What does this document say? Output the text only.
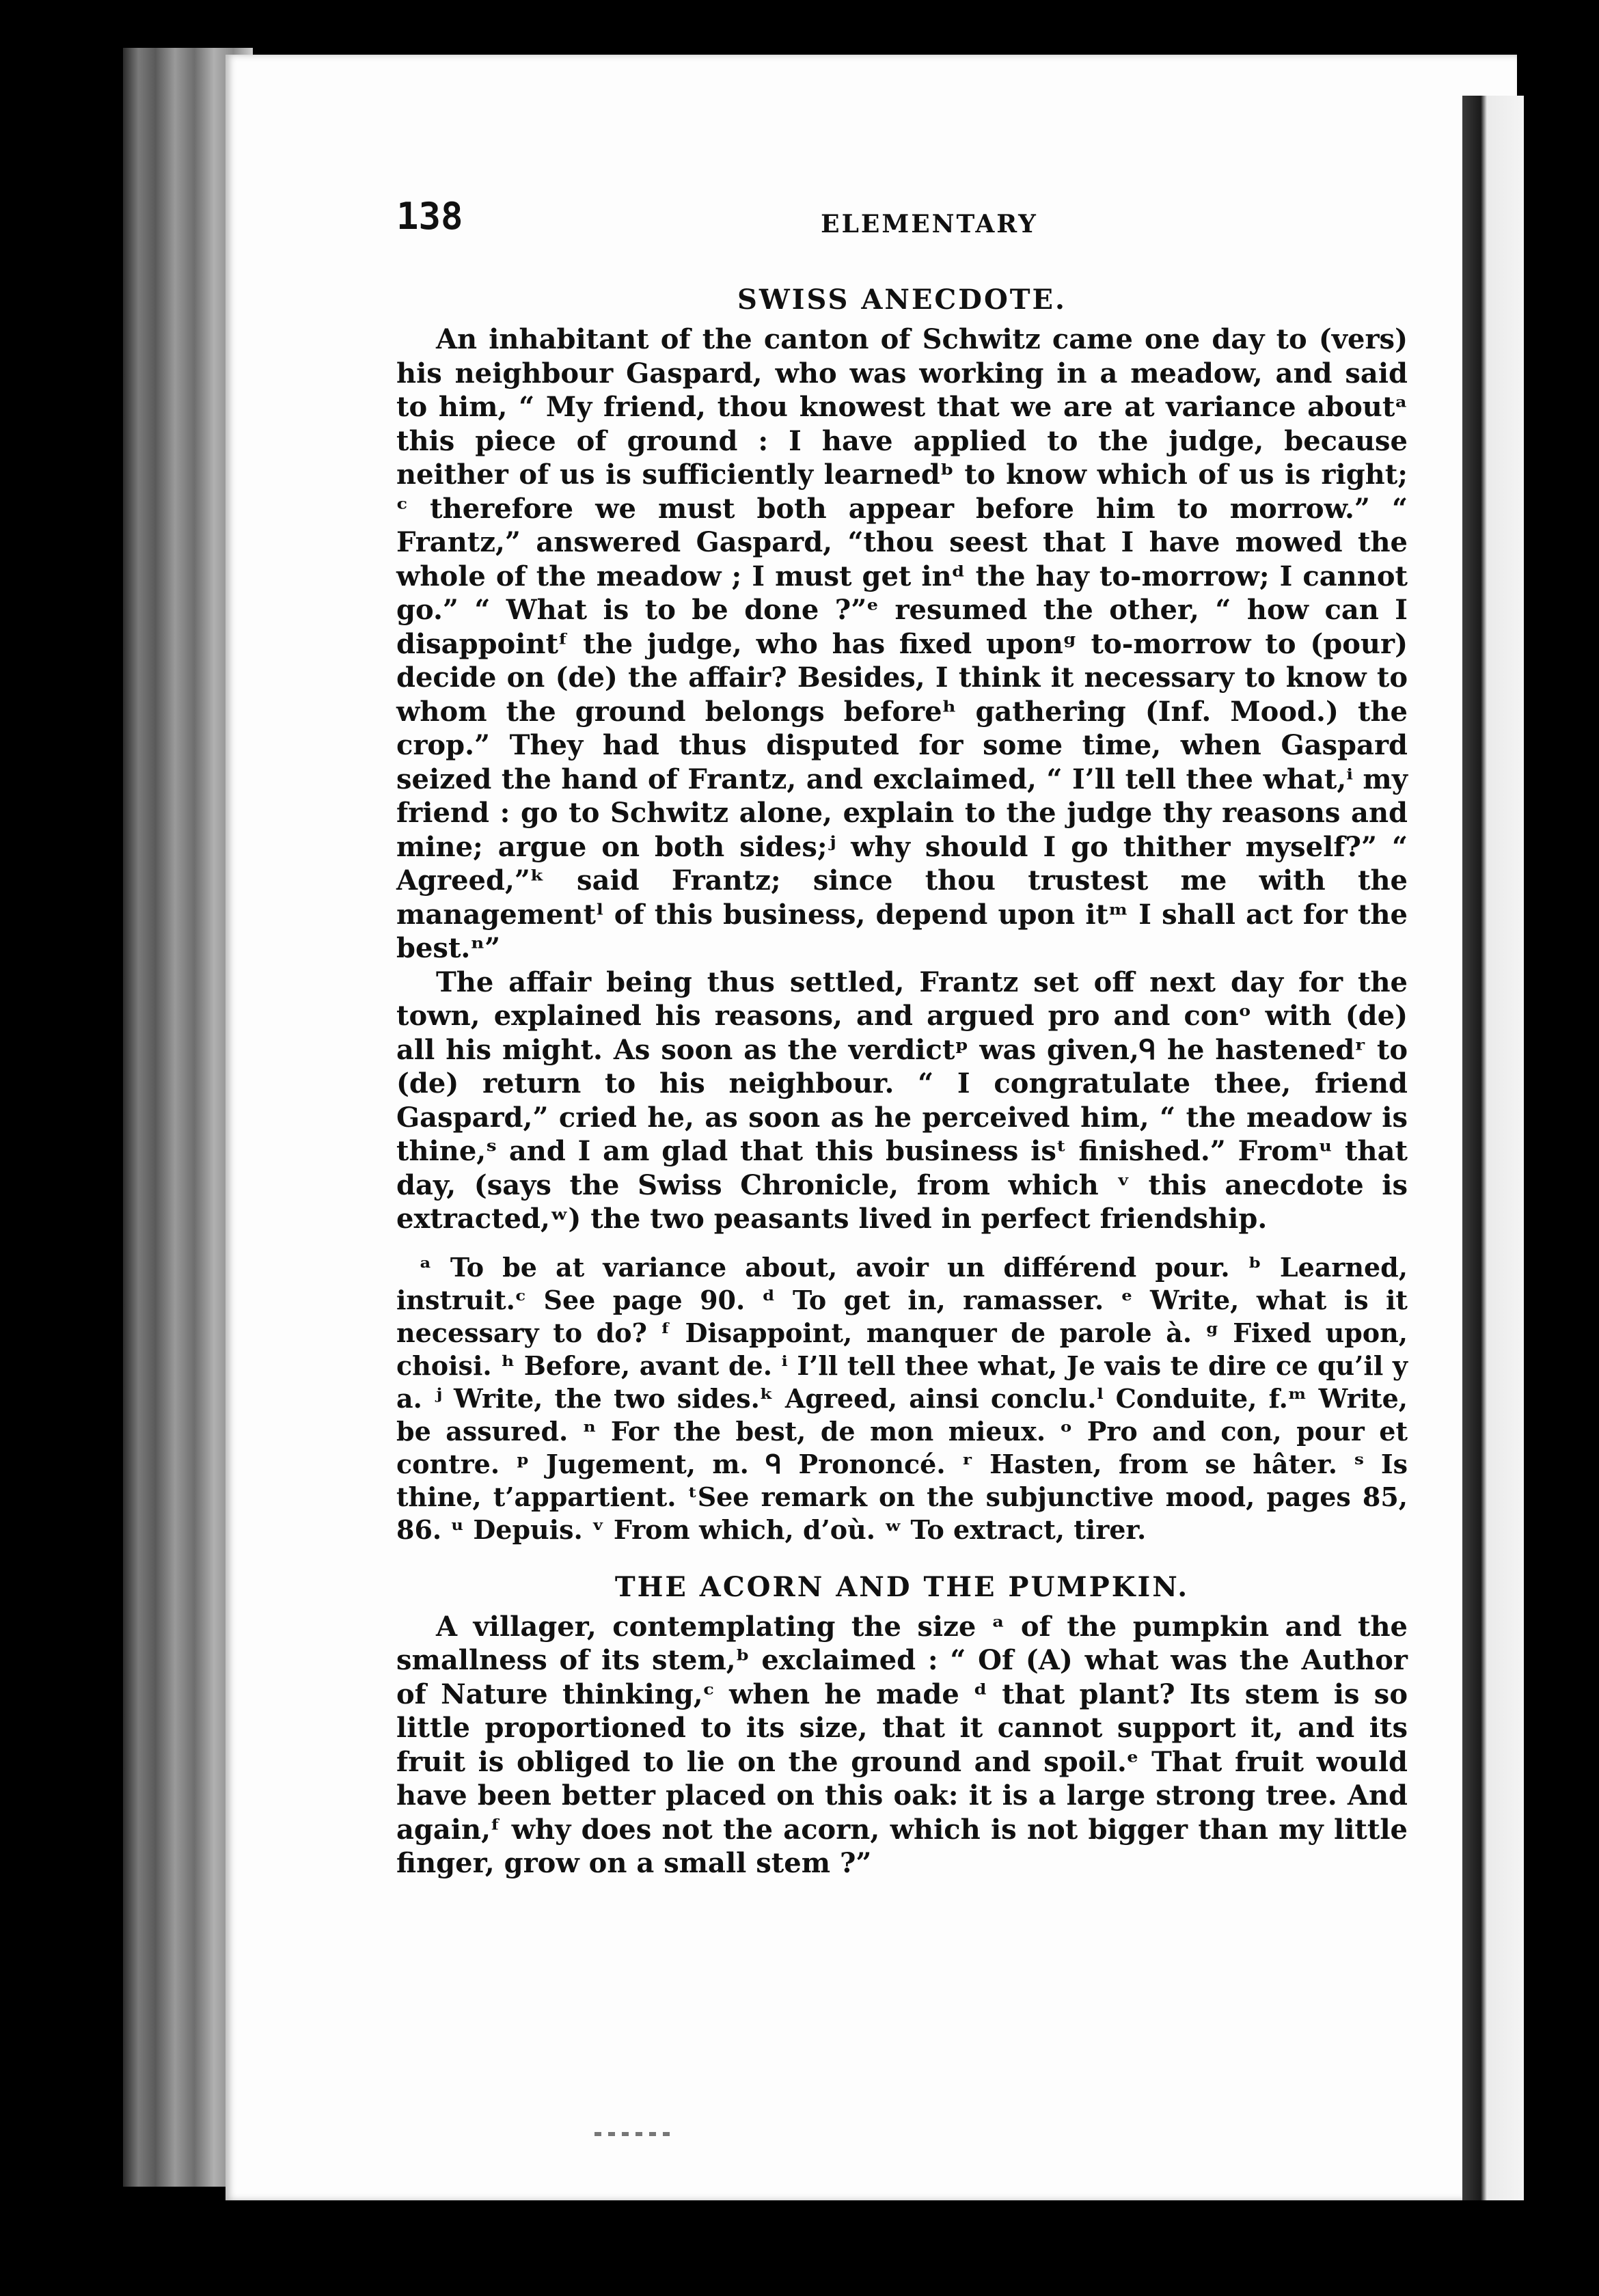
138	ELEMENTARY
SWISS ANECDOTE.

An inhabitant of the canton of Schwitz came one day to (vers) his neighbour Gaspard, who was working in a meadow, and said to him, “ My friend, thou knowest that we are at variance aboutᵃ this piece of ground : I have applied to the judge, because neither of us is sufficiently learnedᵇ to know which of us is right; ᶜ therefore we must both appear before him to morrow.” “ Frantz,” answered Gaspard, “thou seest that I have mowed the whole of the meadow ; I must get inᵈ the hay to-morrow; I cannot go.” “ What is to be done ?”ᵉ resumed the other, “ how can I disappointᶠ the judge, who has fixed uponᵍ to-morrow to (pour) decide on (de) the affair? Besides, I think it necessary to know to whom the ground belongs beforeʰ gathering (Inf. Mood.) the crop.” They had thus disputed for some time, when Gaspard seized the hand of Frantz, and exclaimed, “ I’ll tell thee what,ⁱ my friend : go to Schwitz alone, explain to the judge thy reasons and mine; argue on both sides;ʲ why should I go thither myself?” “ Agreed,”ᵏ said Frantz; since thou trustest me with the managementˡ of this business, depend upon itᵐ I shall act for the best.ⁿ”

The affair being thus settled, Frantz set off next day for the town, explained his reasons, and argued pro and conᵒ with (de) all his might. As soon as the verdictᵖ was given,ᑫ he hastenedʳ to (de) return to his neighbour. “ I congratulate thee, friend Gaspard,” cried he, as soon as he perceived him, “ the meadow is thine,ˢ and I am glad that this business isᵗ finished.” Fromᵘ that day, (says the Swiss Chronicle, from which ᵛ this anecdote is extracted,ʷ) the two peasants lived in perfect friendship.

ᵃ To be at variance about, avoir un différend pour. ᵇ Learned, instruit.ᶜ See page 90. ᵈ To get in, ramasser. ᵉ Write, what is it necessary to do? ᶠ Disappoint, manquer de parole à. ᵍ Fixed upon, choisi. ʰ Before, avant de. ⁱ I’ll tell thee what, Je vais te dire ce qu’il y a. ʲ Write, the two sides.ᵏ Agreed, ainsi conclu.ˡ Conduite, f.ᵐ Write, be assured. ⁿ For the best, de mon mieux. ᵒ Pro and con, pour et contre. ᵖ Jugement, m. ᑫ Prononcé. ʳ Hasten, from se hâter. ˢ Is thine, t’appartient. ᵗSee remark on the subjunctive mood, pages 85, 86. ᵘ Depuis. ᵛ From which, d’où. ʷ To extract, tirer.

THE ACORN AND THE PUMPKIN.

A villager, contemplating the size ᵃ of the pumpkin and the smallness of its stem,ᵇ exclaimed : “ Of (A) what was the Author of Nature thinking,ᶜ when he made ᵈ that plant? Its stem is so little proportioned to its size, that it cannot support it, and its fruit is obliged to lie on the ground and spoil.ᵉ That fruit would have been better placed on this oak: it is a large strong tree. And again,ᶠ why does not the acorn, which is not bigger than my little finger, grow on a small stem ?”
